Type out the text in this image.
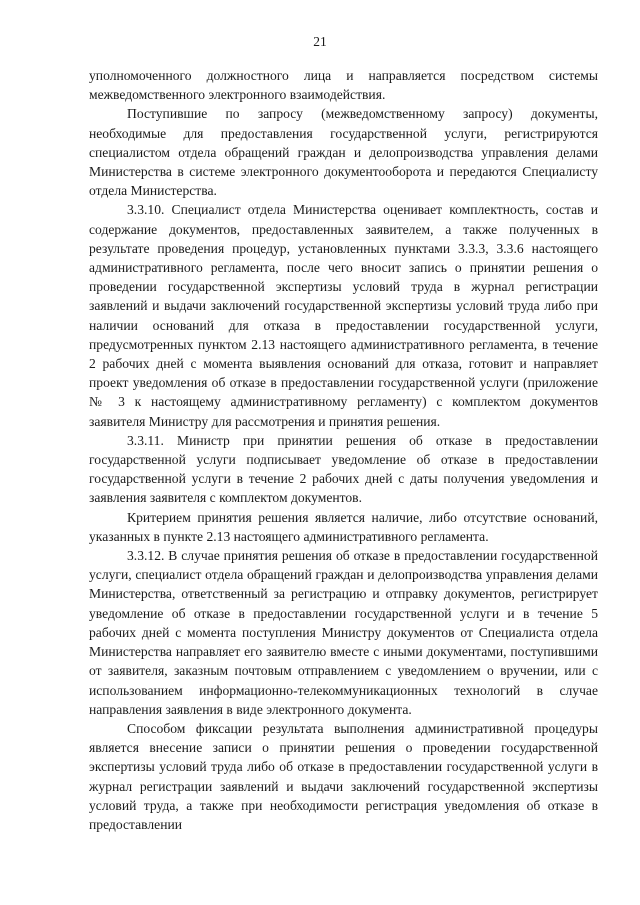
21

уполномоченного должностного лица и направляется посредством системы межведомственного электронного взаимодействия.

Поступившие по запросу (межведомственному запросу) документы, необходимые для предоставления государственной услуги, регистрируются специалистом отдела обращений граждан и делопроизводства управления делами Министерства в системе электронного документооборота и передаются Специалисту отдела Министерства.

3.3.10. Специалист отдела Министерства оценивает комплектность, состав и содержание документов, предоставленных заявителем, а также полученных в результате проведения процедур, установленных пунктами 3.3.3, 3.3.6 настоящего административного регламента, после чего вносит запись о принятии решения о проведении государственной экспертизы условий труда в журнал регистрации заявлений и выдачи заключений государственной экспертизы условий труда либо при наличии оснований для отказа в предоставлении государственной услуги, предусмотренных пунктом 2.13 настоящего административного регламента, в течение 2 рабочих дней с момента выявления оснований для отказа, готовит и направляет проект уведомления об отказе в предоставлении государственной услуги (приложение № 3 к настоящему административному регламенту) с комплектом документов заявителя Министру для рассмотрения и принятия решения.

3.3.11. Министр при принятии решения об отказе в предоставлении государственной услуги подписывает уведомление об отказе в предоставлении государственной услуги в течение 2 рабочих дней с даты получения уведомления и заявления заявителя с комплектом документов.

Критерием принятия решения является наличие, либо отсутствие оснований, указанных в пункте 2.13 настоящего административного регламента.

3.3.12. В случае принятия решения об отказе в предоставлении государственной услуги, специалист отдела обращений граждан и делопроизводства управления делами Министерства, ответственный за регистрацию и отправку документов, регистрирует уведомление об отказе в предоставлении государственной услуги и в течение 5 рабочих дней с момента поступления Министру документов от Специалиста отдела Министерства направляет его заявителю вместе с иными документами, поступившими от заявителя, заказным почтовым отправлением с уведомлением о вручении, или с использованием информационно-телекоммуникационных технологий в случае направления заявления в виде электронного документа.

Способом фиксации результата выполнения административной процедуры является внесение записи о принятии решения о проведении государственной экспертизы условий труда либо об отказе в предоставлении государственной услуги в журнал регистрации заявлений и выдачи заключений государственной экспертизы условий труда, а также при необходимости регистрация уведомления об отказе в предоставлении
